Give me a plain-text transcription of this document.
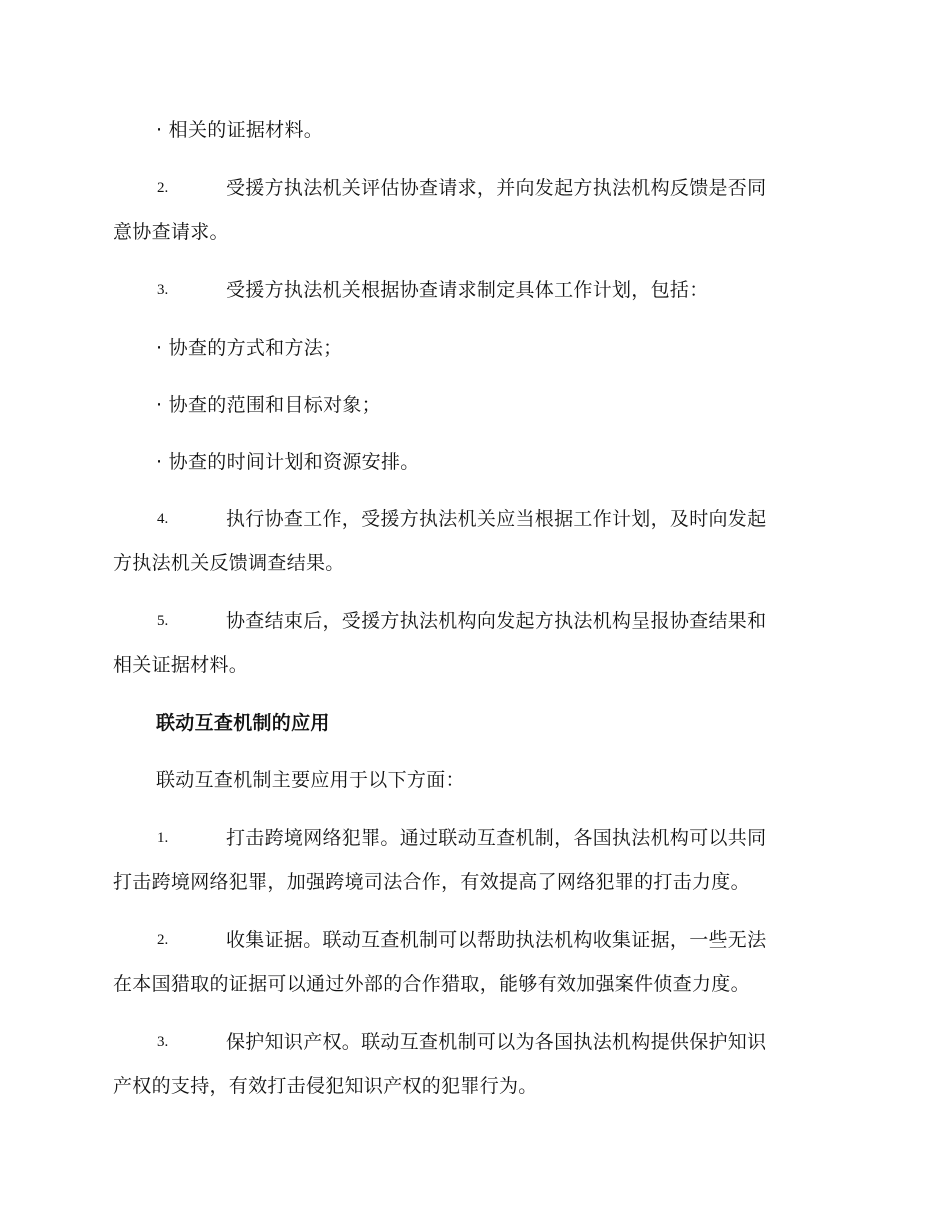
· 相关的证据材料。
2.	受援方执法机关评估协查请求，并向发起方执法机构反馈是否同
意协查请求。
3.	受援方执法机关根据协查请求制定具体工作计划，包括：
· 协查的方式和方法；
· 协查的范围和目标对象；
· 协查的时间计划和资源安排。
4.	执行协查工作，受援方执法机关应当根据工作计划，及时向发起
方执法机关反馈调查结果。
5.	协查结束后，受援方执法机构向发起方执法机构呈报协查结果和
相关证据材料。
联动互查机制的应用
联动互查机制主要应用于以下方面：
1.	打击跨境网络犯罪。通过联动互查机制，各国执法机构可以共同
打击跨境网络犯罪，加强跨境司法合作，有效提高了网络犯罪的打击力度。
2.	收集证据。联动互查机制可以帮助执法机构收集证据，一些无法
在本国猎取的证据可以通过外部的合作猎取，能够有效加强案件侦查力度。
3.	保护知识产权。联动互查机制可以为各国执法机构提供保护知识
产权的支持，有效打击侵犯知识产权的犯罪行为。
